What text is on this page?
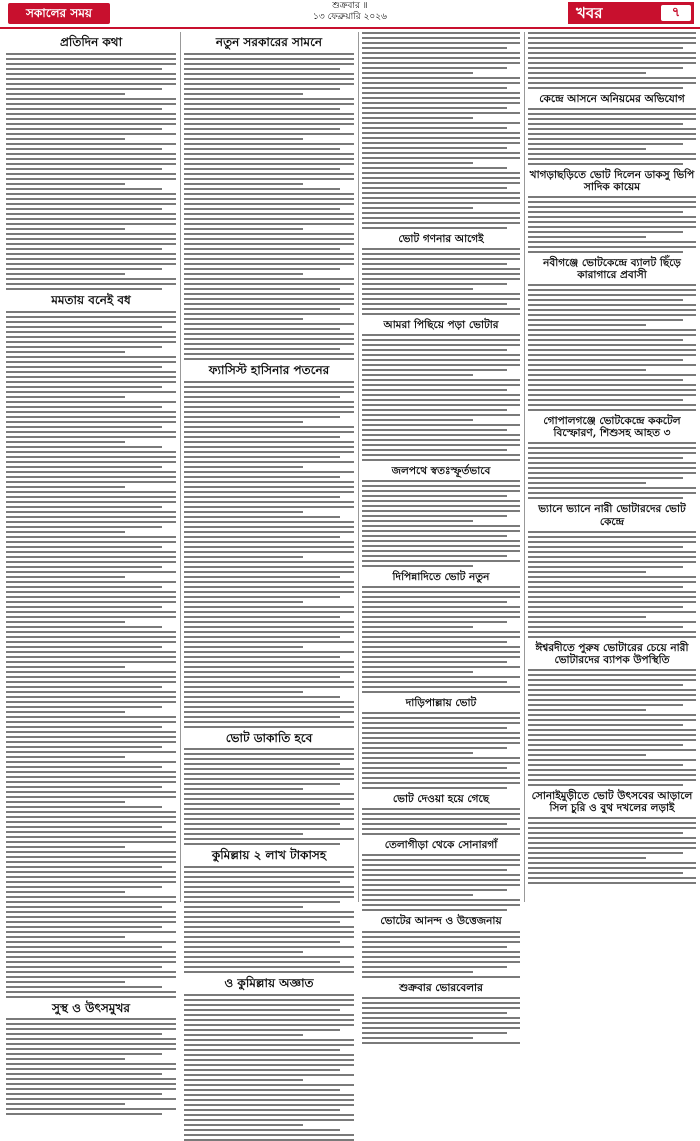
সকালের সময়	শুক্রবার ॥
১৩ ফেব্রুয়ারি ২০২৬	খবর	৭
প্রতিদিন কথা
মমতায় বনেই বধ
সুস্থ ও উৎসমুখর
নতুন সরকারের সামনে
ফ্যাসিস্ট হাসিনার পতনের
ভোট ডাকাতি হবে
কুমিল্লায় ২ লাখ টাকাসহ
ও কুমিল্লায় অজ্ঞাত
ভোট গণনার আগেই
আমরা পিছিয়ে পড়া ভোটার
জলপথে স্বতঃস্ফূর্তভাবে
দিপিন্নাদিতে ভোট নতুন
দাড়িপাল্লায় ভোট
ভোট দেওয়া হয়ে গেছে
তেলাগীড়া থেকে সোনারগাঁ
ভোটের আনন্দ ও উত্তেজনায়
শুক্রবার ভোরবেলার
কেন্দ্রে আসনে অনিয়মের অভিযোগ
খাগড়াছড়িতে ভোট দিলেন ডাকসু ভিপি সাদিক কায়েম
নবীগঞ্জে ভোটকেন্দ্রে ব্যালট ছিঁড়ে কারাগারে প্রবাসী
গোপালগঞ্জে ভোটকেন্দ্রে ককটেল বিস্ফোরণ, শিশুসহ আহত ৩
ভ্যানে ভ্যানে নারী ভোটারদের ভোট কেন্দ্রে
ঈশ্বরদীতে পুরুষ ভোটারের চেয়ে নারী ভোটারদের ব্যাপক উপস্থিতি
সোনাইমুড়ীতে ভোট উৎসবের আড়ালে সিল চুরি ও বুথ দখলের লড়াই
